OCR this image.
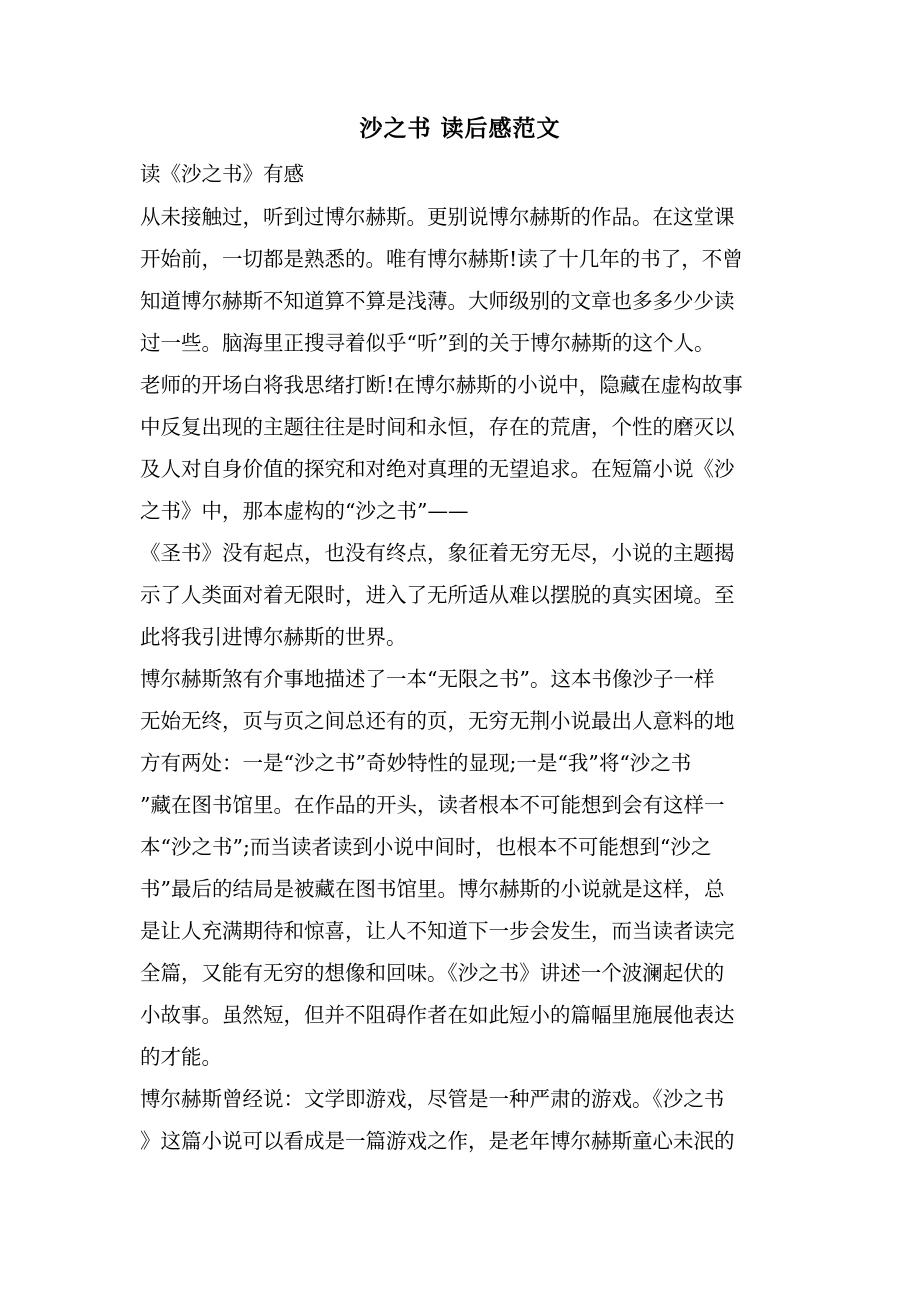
沙之书 读后感范文
读《沙之书》有感
从未接触过，听到过博尔赫斯。更别说博尔赫斯的作品。在这堂课
开始前，一切都是熟悉的。唯有博尔赫斯!读了十几年的书了，不曾
知道博尔赫斯不知道算不算是浅薄。大师级别的文章也多多少少读
过一些。脑海里正搜寻着似乎“听”到的关于博尔赫斯的这个人。
老师的开场白将我思绪打断!在博尔赫斯的小说中，隐藏在虚构故事
中反复出现的主题往往是时间和永恒，存在的荒唐，个性的磨灭以
及人对自身价值的探究和对绝对真理的无望追求。在短篇小说《沙
之书》中，那本虚构的“沙之书”——
《圣书》没有起点，也没有终点，象征着无穷无尽，小说的主题揭
示了人类面对着无限时，进入了无所适从难以摆脱的真实困境。至
此将我引进博尔赫斯的世界。
博尔赫斯煞有介事地描述了一本“无限之书”。这本书像沙子一样
无始无终，页与页之间总还有的页，无穷无荆小说最出人意料的地
方有两处：一是“沙之书”奇妙特性的显现;一是“我”将“沙之书
”藏在图书馆里。在作品的开头，读者根本不可能想到会有这样一
本“沙之书”;而当读者读到小说中间时，也根本不可能想到“沙之
书”最后的结局是被藏在图书馆里。博尔赫斯的小说就是这样，总
是让人充满期待和惊喜，让人不知道下一步会发生，而当读者读完
全篇，又能有无穷的想像和回味。《沙之书》讲述一个波澜起伏的
小故事。虽然短，但并不阻碍作者在如此短小的篇幅里施展他表达
的才能。
博尔赫斯曾经说：文学即游戏，尽管是一种严肃的游戏。《沙之书
》这篇小说可以看成是一篇游戏之作，是老年博尔赫斯童心未泯的
